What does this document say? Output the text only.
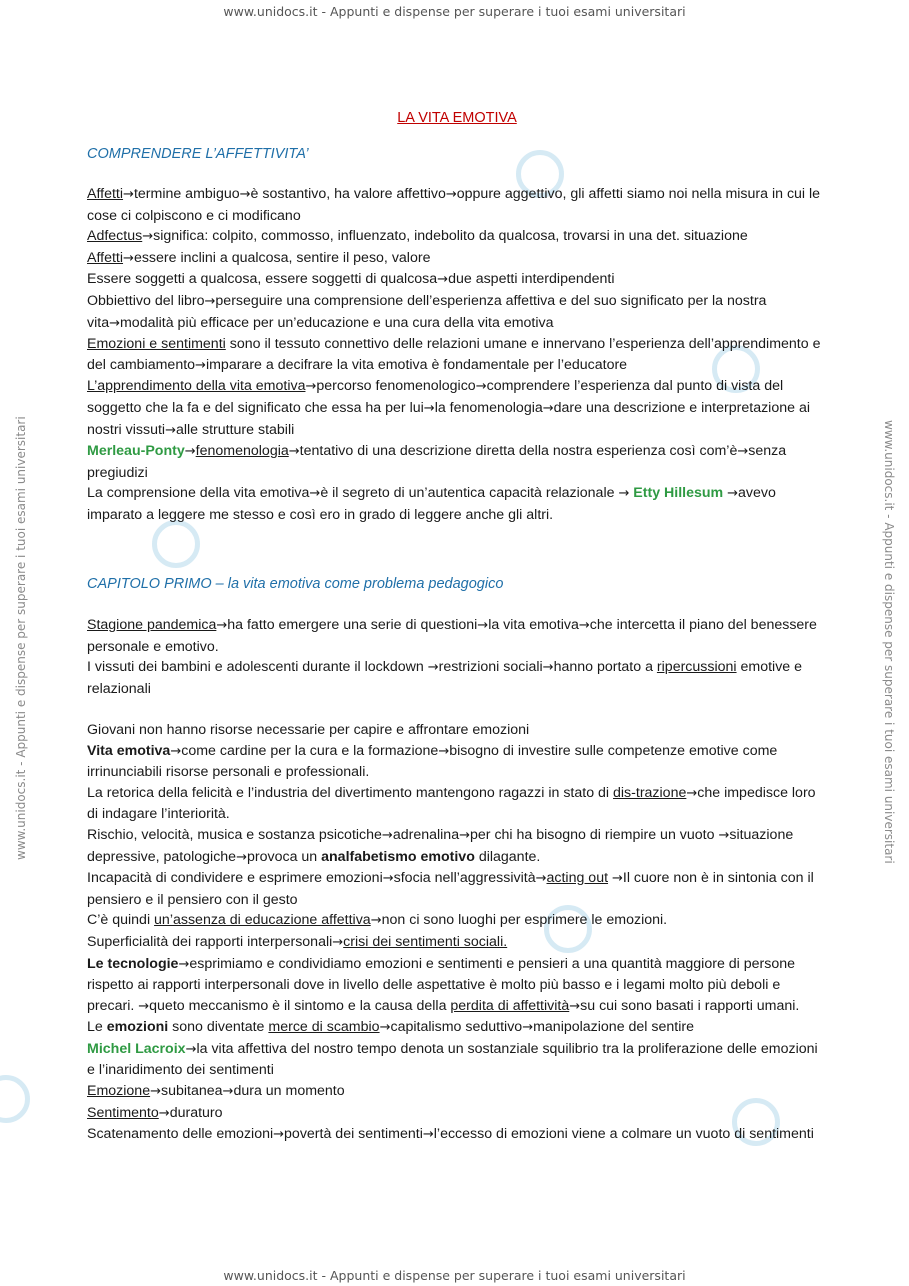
www.unidocs.it - Appunti e dispense per superare i tuoi esami universitari
www.unidocs.it - Appunti e dispense per superare i tuoi esami universitari
www.unidocs.it - Appunti e dispense per superare i tuoi esami universitari	www.unidocs.it - Appunti e dispense per superare i tuoi esami universitari
LA VITA EMOTIVA
COMPRENDERE L’AFFETTIVITA’
Affetti→termine ambiguo→è sostantivo, ha valore affettivo→oppure aggettivo, gli affetti siamo noi nella misura in cui le cose ci colpiscono e ci modificano
Adfectus→significa: colpito, commosso, influenzato, indebolito da qualcosa, trovarsi in una det. situazione
Affetti→essere inclini a qualcosa, sentire il peso, valore
Essere soggetti a qualcosa, essere soggetti di qualcosa→due aspetti interdipendenti
Obbiettivo del libro→perseguire una comprensione dell’esperienza affettiva e del suo significato per la nostra vita→modalità più efficace per un’educazione e una cura della vita emotiva
Emozioni e sentimenti sono il tessuto connettivo delle relazioni umane e innervano l’esperienza dell’apprendimento e del cambiamento→imparare a decifrare la vita emotiva è fondamentale per l’educatore
L’apprendimento della vita emotiva→percorso fenomenologico→comprendere l’esperienza dal punto di vista del soggetto che la fa e del significato che essa ha per lui→la fenomenologia→dare una descrizione e interpretazione ai nostri vissuti→alle strutture stabili
Merleau-Ponty→fenomenologia→tentativo di una descrizione diretta della nostra esperienza così com’è→senza pregiudizi
La comprensione della vita emotiva→è il segreto di un’autentica capacità relazionale → Etty Hillesum →avevo imparato a leggere me stesso e così ero in grado di leggere anche gli altri.
CAPITOLO PRIMO – la vita emotiva come problema pedagogico
Stagione pandemica→ha fatto emergere una serie di questioni→la vita emotiva→che intercetta il piano del benessere personale e emotivo.
I vissuti dei bambini e adolescenti durante il lockdown →restrizioni sociali→hanno portato a ripercussioni emotive e relazionali
Giovani non hanno risorse necessarie per capire e affrontare emozioni
Vita emotiva→come cardine per la cura e la formazione→bisogno di investire sulle competenze emotive come irrinunciabili risorse personali e professionali.
La retorica della felicità e l’industria del divertimento mantengono ragazzi in stato di dis-trazione→che impedisce loro di indagare l’interiorità.
Rischio, velocità, musica e sostanza psicotiche→adrenalina→per chi ha bisogno di riempire un vuoto →situazione depressive, patologiche→provoca un analfabetismo emotivo dilagante.
Incapacità di condividere e esprimere emozioni→sfocia nell’aggressività→acting out →Il cuore non è in sintonia con il pensiero e il pensiero con il gesto
C’è quindi un’assenza di educazione affettiva→non ci sono luoghi per esprimere le emozioni.
Superficialità dei rapporti interpersonali→crisi dei sentimenti sociali.
Le tecnologie→esprimiamo e condividiamo emozioni e sentimenti e pensieri a una quantità maggiore di persone rispetto ai rapporti interpersonali dove in livello delle aspettative è molto più basso e i legami molto più deboli e precari. →queto meccanismo è il sintomo e la causa della perdita di affettività→su cui sono basati i rapporti umani.
Le emozioni sono diventate merce di scambio→capitalismo seduttivo→manipolazione del sentire
Michel Lacroix→la vita affettiva del nostro tempo denota un sostanziale squilibrio tra la proliferazione delle emozioni e l’inaridimento dei sentimenti
Emozione→subitanea→dura un momento
Sentimento→duraturo
Scatenamento delle emozioni→povertà dei sentimenti→l’eccesso di emozioni viene a colmare un vuoto di sentimenti
